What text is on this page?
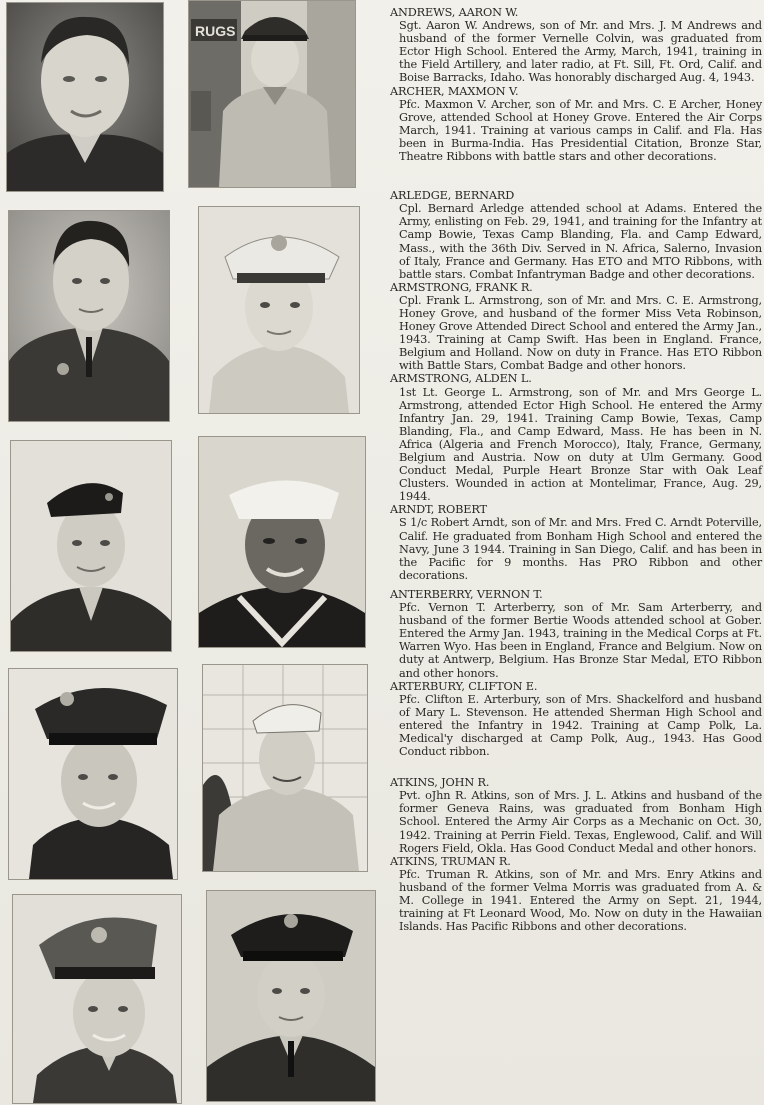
RUGS
ANDREWS, AARON W.
Sgt. Aaron W. Andrews, son of Mr. and Mrs. J. M Andrews and husband of the former Vernelle Colvin, was graduated from Ector High School. Entered the Army, March, 1941, training in the Field Artillery, and later radio, at Ft. Sill, Ft. Ord, Calif. and Boise Barracks, Idaho. Was honorably discharged Aug. 4, 1943.
ARCHER, MAXMON V.
Pfc. Maxmon V. Archer, son of Mr. and Mrs. C. E Archer, Honey Grove, attended School at Honey Grove. Entered the Air Corps March, 1941. Training at various camps in Calif. and Fla. Has been in Burma-India. Has Presidential Citation, Bronze Star, Theatre Ribbons with battle stars and other decorations.
ARLEDGE, BERNARD
Cpl. Bernard Arledge attended school at Adams. Entered the Army, enlisting on Feb. 29, 1941, and training for the Infantry at Camp Bowie, Texas Camp Blanding, Fla. and Camp Edward, Mass., with the 36th Div. Served in N. Africa, Salerno, Invasion of Italy, France and Germany. Has ETO and MTO Ribbons, with battle stars. Combat Infantryman Badge and other decorations.
ARMSTRONG, FRANK R.
Cpl. Frank L. Armstrong, son of Mr. and Mrs. C. E. Armstrong, Honey Grove, and husband of the former Miss Veta Robinson, Honey Grove Attended Direct School and entered the Army Jan., 1943. Training at Camp Swift. Has been in England. France, Belgium and Holland. Now on duty in France. Has ETO Ribbon with Battle Stars, Combat Badge and other honors.
ARMSTRONG, ALDEN L.
1st Lt. George L. Armstrong, son of Mr. and Mrs George L. Armstrong, attended Ector High School. He entered the Army Infantry Jan. 29, 1941. Training Camp Bowie, Texas, Camp Blanding, Fla., and Camp Edward, Mass. He has been in N. Africa (Algeria and French Morocco), Italy, France, Germany, Belgium and Austria. Now on duty at Ulm Germany. Good Conduct Medal, Purple Heart Bronze Star with Oak Leaf Clusters. Wounded in action at Montelimar, France, Aug. 29, 1944.
ARNDT, ROBERT
S 1/c Robert Arndt, son of Mr. and Mrs. Fred C. Arndt Poterville, Calif. He graduated from Bonham High School and entered the Navy, June 3 1944. Training in San Diego, Calif. and has been in the Pacific for 9 months. Has PRO Ribbon and other decorations.
ANTERBERRY, VERNON T.
Pfc. Vernon T. Arterberry, son of Mr. Sam Arterberry, and husband of the former Bertie Woods attended school at Gober. Entered the Army Jan. 1943, training in the Medical Corps at Ft. Warren Wyo. Has been in England, France and Belgium. Now on duty at Antwerp, Belgium. Has Bronze Star Medal, ETO Ribbon and other honors.
ARTERBURY, CLIFTON E.
Pfc. Clifton E. Arterbury, son of Mrs. Shackelford and husband of Mary L. Stevenson. He attended Sherman High School and entered the Infantry in 1942. Training at Camp Polk, La. Medical'y discharged at Camp Polk, Aug., 1943. Has Good Conduct ribbon.
ATKINS, JOHN R.
Pvt. oJhn R. Atkins, son of Mrs. J. L. Atkins and husband of the former Geneva Rains, was graduated from Bonham High School. Entered the Army Air Corps as a Mechanic on Oct. 30, 1942. Training at Perrin Field. Texas, Englewood, Calif. and Will Rogers Field, Okla. Has Good Conduct Medal and other honors.
ATKINS, TRUMAN R.
Pfc. Truman R. Atkins, son of Mr. and Mrs. Enry Atkins and husband of the former Velma Morris was graduated from A. & M. College in 1941. Entered the Army on Sept. 21, 1944, training at Ft Leonard Wood, Mo. Now on duty in the Hawaiian Islands. Has Pacific Ribbons and other decorations.
